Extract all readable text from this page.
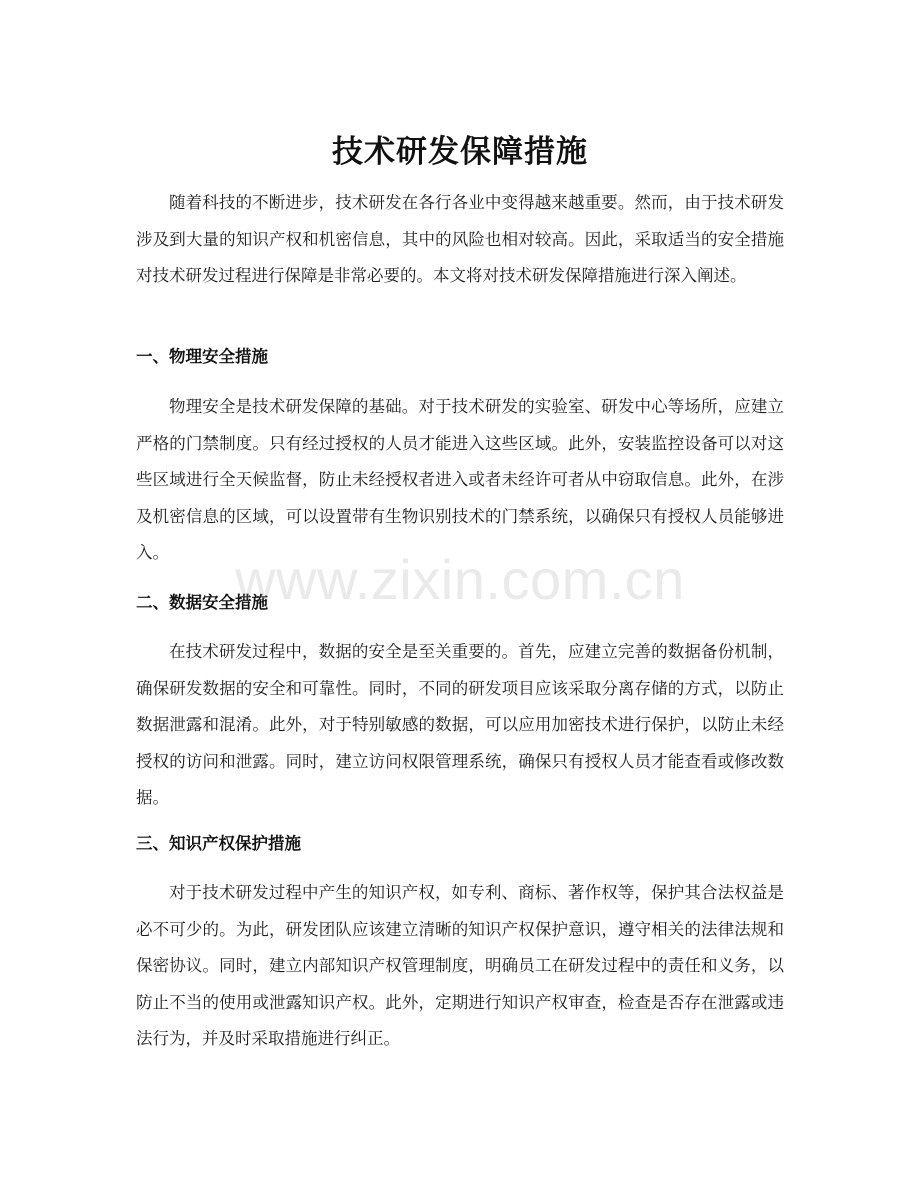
技术研发保障措施

随着科技的不断进步，技术研发在各行各业中变得越来越重要。然而，由于技术研发涉及到大量的知识产权和机密信息，其中的风险也相对较高。因此，采取适当的安全措施对技术研发过程进行保障是非常必要的。本文将对技术研发保障措施进行深入阐述。

一、物理安全措施

物理安全是技术研发保障的基础。对于技术研发的实验室、研发中心等场所，应建立严格的门禁制度。只有经过授权的人员才能进入这些区域。此外，安装监控设备可以对这些区域进行全天候监督，防止未经授权者进入或者未经许可者从中窃取信息。此外，在涉及机密信息的区域，可以设置带有生物识别技术的门禁系统，以确保只有授权人员能够进入。

二、数据安全措施

在技术研发过程中，数据的安全是至关重要的。首先，应建立完善的数据备份机制，确保研发数据的安全和可靠性。同时，不同的研发项目应该采取分离存储的方式，以防止数据泄露和混淆。此外，对于特别敏感的数据，可以应用加密技术进行保护，以防止未经授权的访问和泄露。同时，建立访问权限管理系统，确保只有授权人员才能查看或修改数据。

三、知识产权保护措施

对于技术研发过程中产生的知识产权，如专利、商标、著作权等，保护其合法权益是必不可少的。为此，研发团队应该建立清晰的知识产权保护意识，遵守相关的法律法规和保密协议。同时，建立内部知识产权管理制度，明确员工在研发过程中的责任和义务，以防止不当的使用或泄露知识产权。此外，定期进行知识产权审查，检查是否存在泄露或违法行为，并及时采取措施进行纠正。

www.zixin.com.cn
